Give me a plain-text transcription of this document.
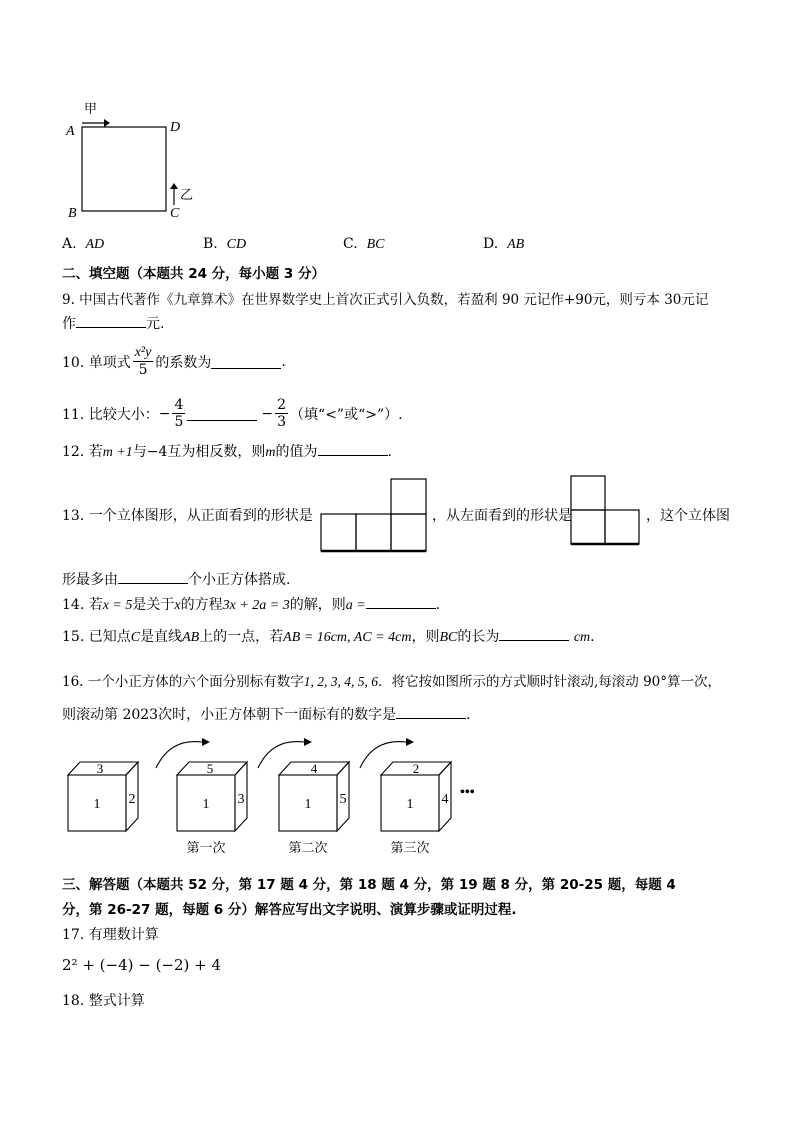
甲
A	D
B	C
乙
A. AD	B. CD	C. BC	D. AB
二、填空题（本题共 24 分，每小题 3 分）
9. 中国古代著作《九章算术》在世界数学史上首次正式引入负数，若盈利 90 元记作+90元，则亏本 30元记
作	元.
10. 单项式 $\frac{\text{x²y}}{5}$ 的系数为	.
11. 比较大小： − $\frac{4}{5}$	− $\frac{2}{3}$ （填“<”或“>”）.
12. 若m +1与−4互为相反数，则m的值为	.
13. 一个立体图形，从正面看到的形状是	，从左面看到的形状是	，这个立体图
形最多由	个小正方体搭成.
14. 若x = 5是关于x的方程3x + 2a = 3的解，则a =	.
15. 已知点C是直线AB上的一点，若AB = 16cm, AC = 4cm，则BC的长为	cm.
16. 一个小正方体的六个面分别标有数字1, 2, 3, 4, 5, 6．将它按如图所示的方式顺时针滚动,每滚动 90°算一次，
则滚动第 2023次时，小正方体朝下一面标有的数字是	.
3
1 2
5
1 3
第一次
4
1 5
第二次
2
1 4
第三次
•••
三、解答题（本题共 52 分，第 17 题 4 分，第 18 题 4 分，第 19 题 8 分，第 20-25 题，每题 4
分，第 26-27 题，每题 6 分）解答应写出文字说明、演算步骤或证明过程.
17. 有理数计算
2² + (−4) − (−2) + 4
18. 整式计算
